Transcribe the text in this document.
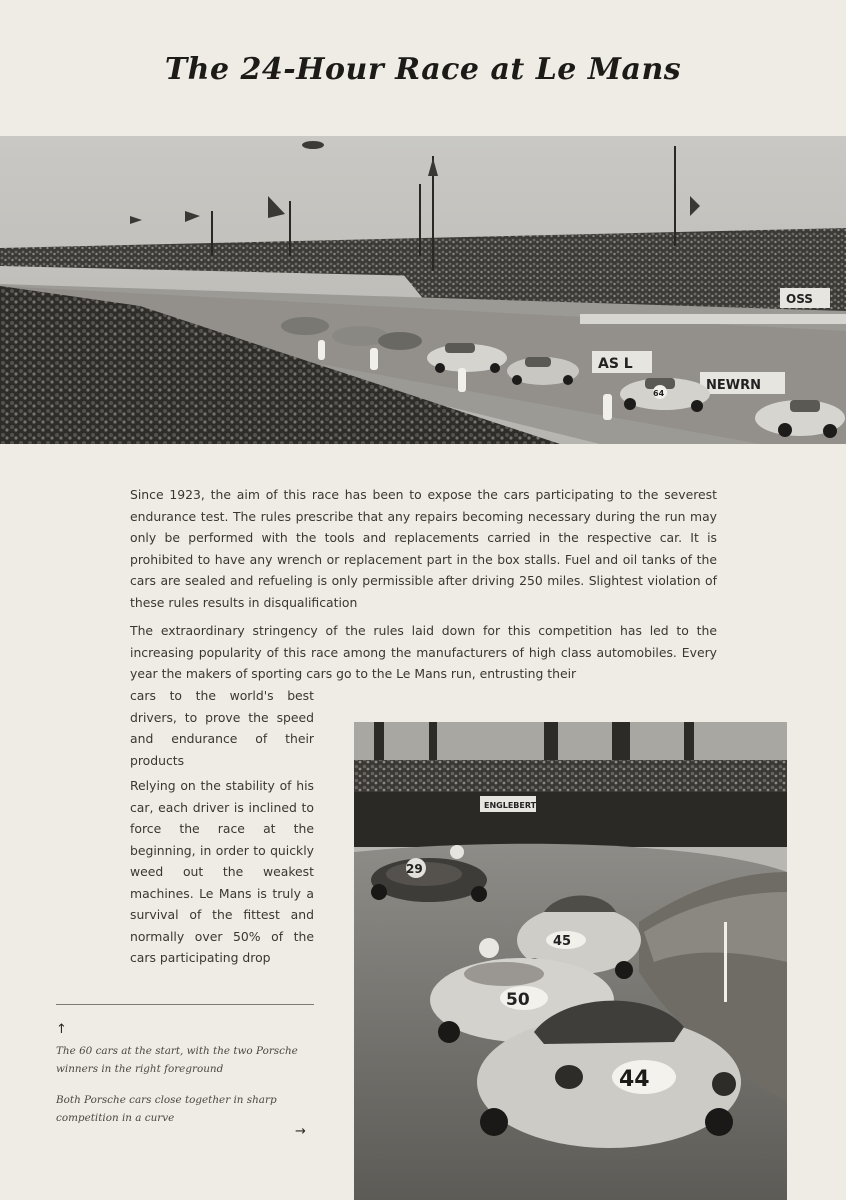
The 24-Hour Race at Le Mans
AS L
NEWRN
OSS
64

Since 1923, the aim of this race has been to expose the cars participating to the severest endurance test. The rules prescribe that any repairs becoming necessary during the run may only be performed with the tools and replacements carried in the respective car. It is prohibited to have any wrench or replacement part in the box stalls. Fuel and oil tanks of the cars are sealed and refueling is only permissible after driving 250 miles. Slightest violation of these rules results in disqualification

The extraordinary stringency of the rules laid down for this competition has led to the increasing popularity of this race among the manufacturers of high class automobiles. Every year the makers of sporting cars go to the Le Mans run, entrusting their

cars to the world's best drivers, to prove the speed and endurance of their products

Relying on the stability of his car, each driver is inclined to force the race at the beginning, in order to quickly weed out the weakest machines. Le Mans is truly a survival of the fittest and normally over 50% of the cars participating drop

ENGLEBERT
29
45
50
44
↑

The 60 cars at the start, with the two Porsche winners in the right foreground

Both Porsche cars close together in sharp competition in a curve

→
